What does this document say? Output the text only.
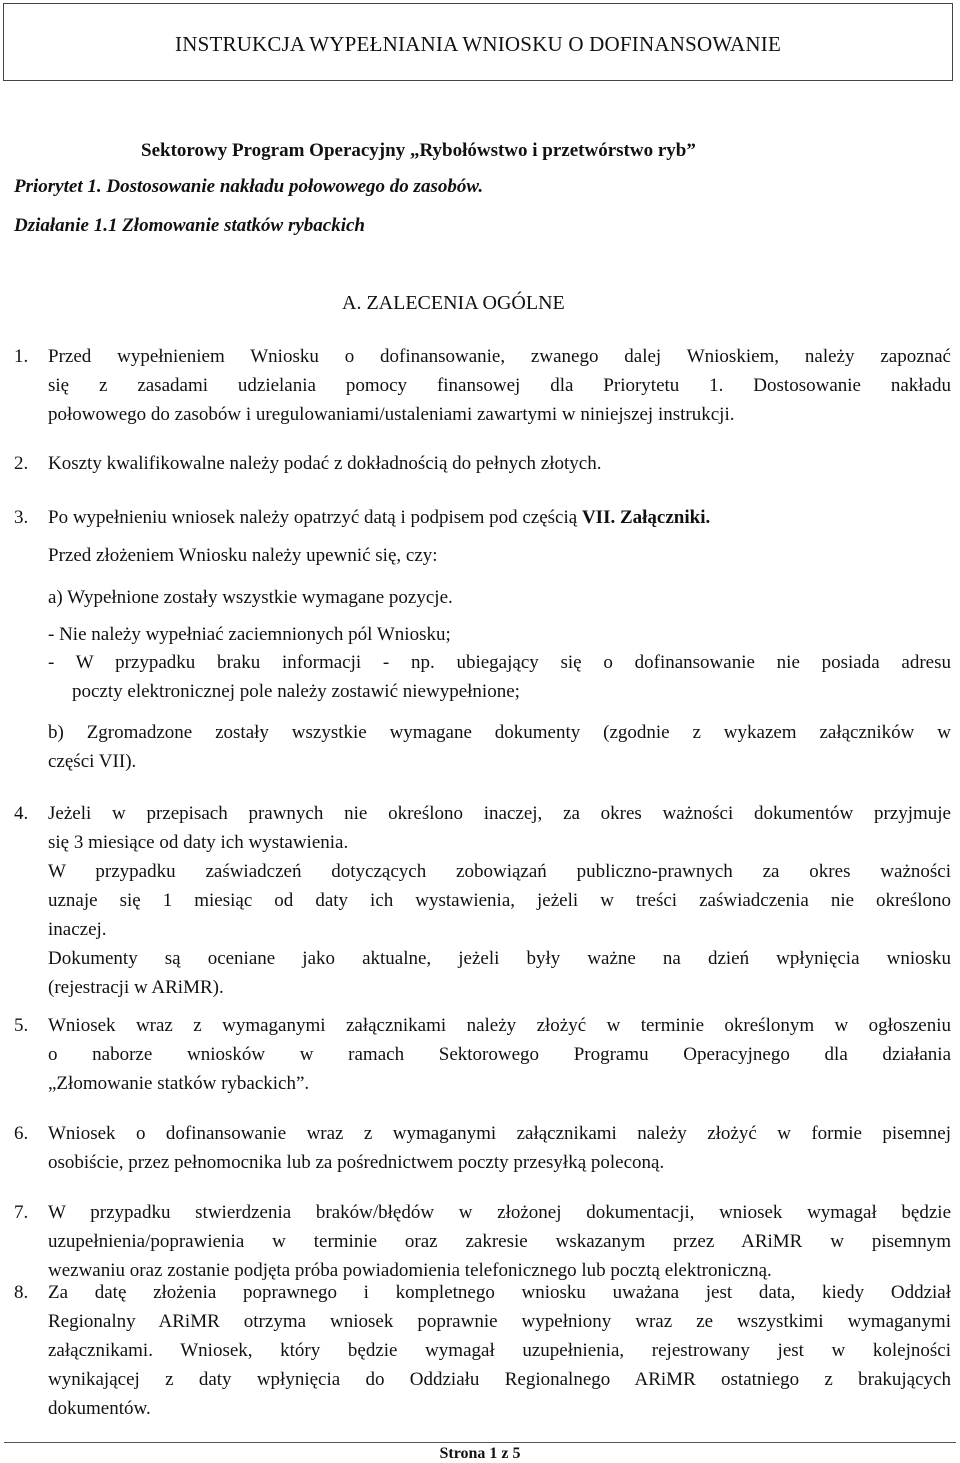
INSTRUKCJA WYPEŁNIANIA WNIOSKU O DOFINANSOWANIE
Sektorowy Program Operacyjny „Rybołówstwo i przetwórstwo ryb”
Priorytet 1. Dostosowanie nakładu połowowego do zasobów.
Działanie 1.1 Złomowanie statków rybackich
A. ZALECENIA OGÓLNE
1. Przed wypełnieniem Wniosku o dofinansowanie, zwanego dalej Wnioskiem, należy zapoznać
się z zasadami udzielania pomocy finansowej dla Priorytetu 1. Dostosowanie nakładu
połowowego do zasobów i uregulowaniami/ustaleniami zawartymi w niniejszej instrukcji.
2. Koszty kwalifikowalne należy podać z dokładnością do pełnych złotych.
3. Po wypełnieniu wniosek należy opatrzyć datą i podpisem pod częścią VII. Załączniki.
Przed złożeniem Wniosku należy upewnić się, czy:
a) Wypełnione zostały wszystkie wymagane pozycje.
- Nie należy wypełniać zaciemnionych pól Wniosku;
- W przypadku braku informacji - np. ubiegający się o dofinansowanie nie posiada adresu
poczty elektronicznej pole należy zostawić niewypełnione;
b) Zgromadzone zostały wszystkie wymagane dokumenty (zgodnie z wykazem załączników w
części VII).
4. Jeżeli w przepisach prawnych nie określono inaczej, za okres ważności dokumentów przyjmuje
się 3 miesiące od daty ich wystawienia.
W przypadku zaświadczeń dotyczących zobowiązań publiczno-prawnych za okres ważności
uznaje się 1 miesiąc od daty ich wystawienia, jeżeli w treści zaświadczenia nie określono
inaczej.
Dokumenty są oceniane jako aktualne, jeżeli były ważne na dzień wpłynięcia wniosku
(rejestracji w ARiMR).
5. Wniosek wraz z wymaganymi załącznikami należy złożyć w terminie określonym w ogłoszeniu
o naborze wniosków w ramach Sektorowego Programu Operacyjnego dla działania
„Złomowanie statków rybackich”.
6. Wniosek o dofinansowanie wraz z wymaganymi załącznikami należy złożyć w formie pisemnej
osobiście, przez pełnomocnika lub za pośrednictwem poczty przesyłką poleconą.
7. W przypadku stwierdzenia braków/błędów w złożonej dokumentacji, wniosek wymagał będzie
uzupełnienia/poprawienia w terminie oraz zakresie wskazanym przez ARiMR w pisemnym
wezwaniu oraz zostanie podjęta próba powiadomienia telefonicznego lub pocztą elektroniczną.
8. Za datę złożenia poprawnego i kompletnego wniosku uważana jest data, kiedy Oddział
Regionalny ARiMR otrzyma wniosek poprawnie wypełniony wraz ze wszystkimi wymaganymi
załącznikami. Wniosek, który będzie wymagał uzupełnienia, rejestrowany jest w kolejności
wynikającej z daty wpłynięcia do Oddziału Regionalnego ARiMR ostatniego z brakujących
dokumentów.
Strona 1 z 5
